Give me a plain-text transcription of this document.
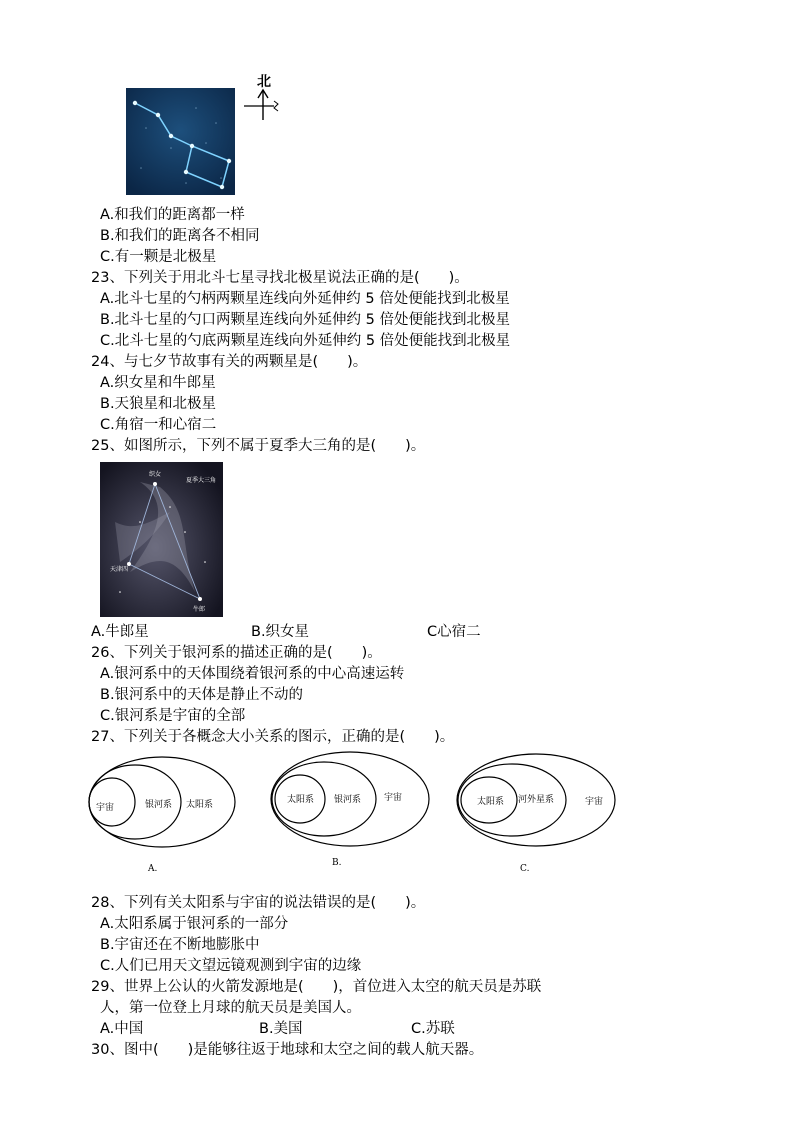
北
A.和我们的距离都一样
B.和我们的距离各不相同
C.有一颗是北极星
23、下列关于用北斗七星寻找北极星说法正确的是(　　)。
A.北斗七星的勺柄两颗星连线向外延伸约 5 倍处便能找到北极星
B.北斗七星的勺口两颗星连线向外延伸约 5 倍处便能找到北极星
C.北斗七星的勺底两颗星连线向外延伸约 5 倍处便能找到北极星
24、与七夕节故事有关的两颗星是(　　)。
A.织女星和牛郎星
B.天狼星和北极星
C.角宿一和心宿二
25、如图所示，下列不属于夏季大三角的是(　　)。
织女
夏季大三角
天津四
牛郎
A.牛郎星	B.织女星	C心宿二
26、下列关于银河系的描述正确的是(　　)。
A.银河系中的天体围绕着银河系的中心高速运转
B.银河系中的天体是静止不动的
C.银河系是宇宙的全部
27、下列关于各概念大小关系的图示，正确的是(　　)。
宇宙	银河系 太阳系
A.
太阳系 银河系	宇宙
B.
太阳系 河外星系	宇宙
C.
28、下列有关太阳系与宇宙的说法错误的是(　　)。
A.太阳系属于银河系的一部分
B.宇宙还在不断地膨胀中
C.人们已用天文望远镜观测到宇宙的边缘
29、世界上公认的火箭发源地是(　　)，首位进入太空的航天员是苏联
人，第一位登上月球的航天员是美国人。
A.中国	B.美国	C.苏联
30、图中(　　)是能够往返于地球和太空之间的载人航天器。
